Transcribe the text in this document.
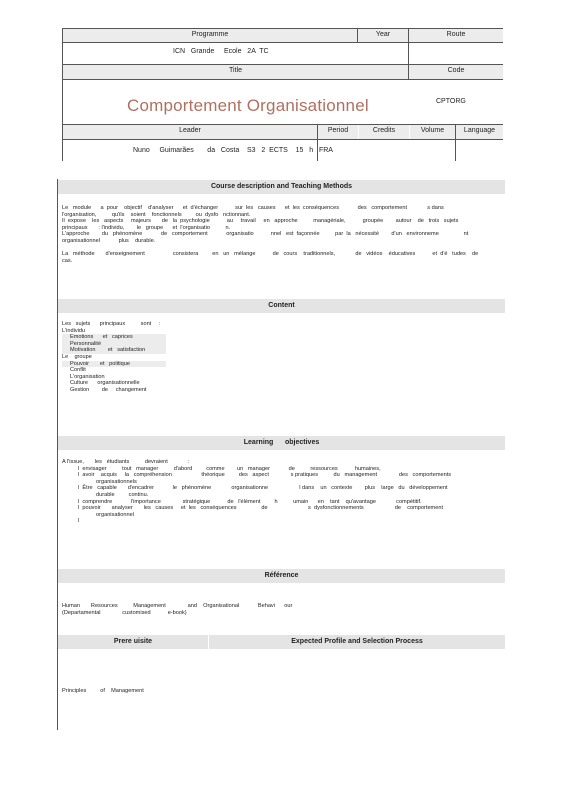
Programme	Year	Route
ICN   Grande     Ecole   2A  TC
Title	Code
Comportement Organisationnel	CPTORG
Leader	Period	Credits	Volume	Language
Nuno     Guimarães       da   Costa    S3   2  ECTS    15   h   FRA
Course description and Teaching Methods
Le   module      a  pour    objectif    d'analyser      et  d'échanger           sur  les   causes      et  les  conséquences            des   comportement             s dans
l'organisation,          qu'ils    soient    fonctionnels         ou  dysfo   nctionnant.
Il  expose    les   aspects     majeurs       de   la  psychologie           au     travail     en   approche          managériale,           groupée        autour    de   trois   sujets
principaux       : l'individu,        le   groupe      et  l'organisatio          n.
L'approche        du   phénomène            de   comportement            organisatio           nnel   est  façonnée          par  la   nécessité        d'un   environneme                nt
organisationnel            plus    durable.
La   méthode       d'enseignement                  consistera         en   un   mélange           de   cours    traditionnels,             de   vidéos    éducatives           et  d'é   tudes    de
cas.
Content
Les   sujets      principaux          sont     :
L'individu
Emotions      et   caprices
Personnalité
Motivation        et   satisfaction
Le    groupe
Pouvoir       et   politique
Conflit
L'organisation
Culture      organisationnelle
Gestion        de     changement
Learning      objectives
A l'issue,       les   étudiants          devraient             :
l  envisager          tout   manager          d'abord         comme        un   manager            de          ressources           humaines,
l  avoir    acquis     la   compréhension                   théorique         des   aspect              s pratiques          du   management              des   comportements
organisationnels
l  Être   capable       d'encadrer            le   phénomène             organisationne                    l dans    un   contexte        plus    large   du   développement
durable         continu.
l  comprendre            l'importance              stratégique           de   l'élément         h          umain      en    tant    qu'avantage             compétitif.
l  pouvoir       analyser       les   causes     et  les   conséquences                de                          s  dysfonctionnements                    de    comportement
organisationnel
l
Référence
Human       Resources          Management              and    Organisational            Behavi      our
(Departamental              customised           e-book)
Prere uisite	Expected Profile and Selection Process
Principles         of    Management
